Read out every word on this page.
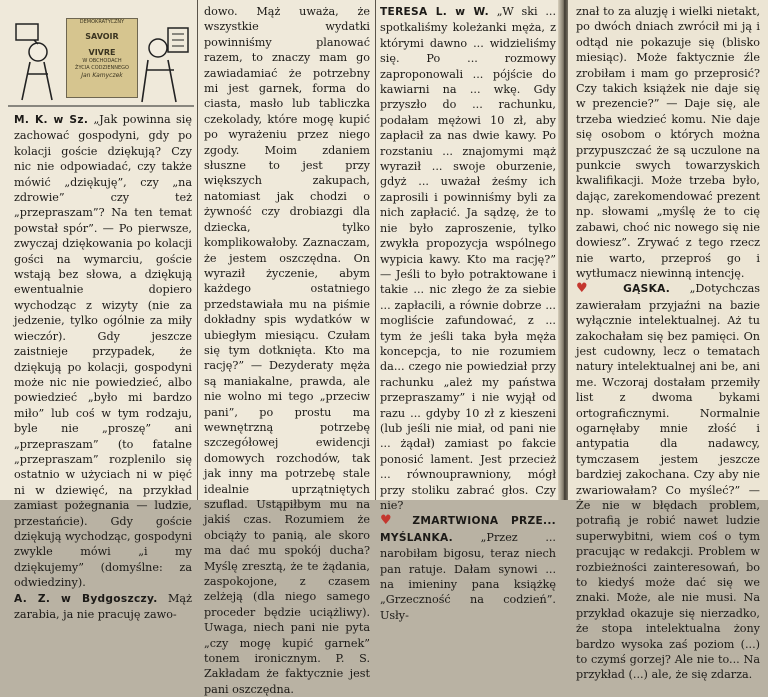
DEMOKRATYCZNY
SAVOIR
VIVRE
W OBCHODACH
ŻYCIA CODZIENNEGO
Jan Kamyczek

M. K. w Sz. „Jak powinna się zachować gospodyni, gdy po kolacji goście dziękują? Czy nic nie odpowiadać, czy także mówić „dziękuję”, czy „na zdrowie” czy też „przepraszam”? Na ten temat powstał spór”. — Po pierwsze, zwyczaj dziękowania po kolacji gości na wymarciu, goście wstają bez słowa, a dziękują ewentualnie dopiero wychodząc z wizyty (nie za jedzenie, tylko ogólnie za miły wieczór). Gdy jeszcze zaistnieje przypadek, że dziękują po kolacji, gospodyni może nic nie powiedzieć, albo powiedzieć „było mi bardzo miło” lub coś w tym rodzaju, byle nie „proszę” ani „przepraszam” (to fatalne „przepraszam” rozplenilo się ostatnio w użyciach ni w pięć ni w dziewięć, na przykład zamiast pożegnania — ludzie, przestańcie). Gdy goście dziękują wychodząc, gospodyni zwykle mówi „i my dziękujemy” (domyślne: za odwiedziny).

A. Z. w Bydgoszczy. Mąż zarabia, ja nie pracuję zawo-

dowo. Mąż uważa, że wszystkie wydatki powinniśmy planować razem, to znaczy mam go zawiadamiać że potrzebny mi jest garnek, forma do ciasta, masło lub tabliczka czekolady, które mogę kupić po wyrażeniu przez niego zgody. Moim zdaniem słuszne to jest przy większych zakupach, natomiast jak chodzi o żywność czy drobiazgi dla dziecka, tylko komplikowałoby. Zaznaczam, że jestem oszczędna. On wyraził życzenie, abym każdego ostatniego przedstawiała mu na piśmie dokładny spis wydatków w ubiegłym miesiącu. Czułam się tym dotknięta. Kto ma rację?” — Dezyderaty męża są maniakalne, prawda, ale nie wolno mi tego „przeciw pani”, po prostu ma wewnętrzną potrzebę szczegółowej ewidencji domowych rozchodów, tak jak inny ma potrzebę stale idealnie uprzątniętych szuflad. Ustąpiłbym mu na jakiś czas. Rozumiem że obciąży to panią, ale skoro ma dać mu spokój ducha? Myślę zresztą, że te żądania, zaspokojone, z czasem zelżeją (dla niego samego proceder będzie uciążliwy). Uwaga, niech pani nie pyta „czy mogę kupić garnek” tonem ironicznym. P. S. Zakładam że faktycznie jest pani oszczędna.

TERESA L. w W. „W ski ... spotkaliśmy koleżanki męża, z którymi dawno ... widzieliśmy się. Po ... rozmowy zaproponowali ... pójście do kawiarni na ... wkę. Gdy przyszło do ... rachunku, podałam mężowi 10 zł, aby zapłacił za nas dwie kawy. Po rozstaniu ... znajomymi mąż wyraził ... swoje oburzenie, gdyż ... uważał żeśmy ich zaprosili i powinniśmy byli za nich zapłacić. Ja sądzę, że to nie było zaproszenie, tylko zwykła propozycja wspólnego wypicia kawy. Kto ma rację?” — Jeśli to było potraktowane i takie ... nic złego że za siebie ... zapłacili, a równie dobrze ... mogliście zafundować, z ... tym że jeśli taka była męża koncepcja, to nie rozumiem da... czego nie powiedział przy rachunku „ależ my państwa przepraszamy” i nie wyjął od razu ... gdyby 10 zł z kieszeni (lub jeśli nie miał, od pani nie ... żądał) zamiast po fakcie ponosić lament. Jest przecież ... równouprawniony, mógł przy stoliku zabrać głos. Czy nie?

♥ ZMARTWIONA PRZE... MYŚLANKA. „Przez ... narobiłam bigosu, teraz niech pan ratuje. Dałam synowi ... na imieniny pana książkę „Grzeczność na codzień”. Usły-

znał to za aluzję i wielki nietakt, po dwóch dniach zwrócił mi ją i odtąd nie pokazuje się (blisko miesiąc). Może faktycznie źle zrobiłam i mam go przeprosić? Czy takich książek nie daje się w prezencie?” — Daje się, ale trzeba wiedzieć komu. Nie daje się osobom o których można przypuszczać że są uczulone na punkcie swych towarzyskich kwalifikacji. Może trzeba było, dając, zarekomendować prezent np. słowami „myślę że to cię zabawi, choć nic nowego się nie dowiesz”. Zrywać z tego rzecz nie warto, przeproś go i wytłumacz niewinną intencję.

♥ GĄSKA. „Dotychczas zawierałam przyjaźni na bazie wyłącznie intelektualnej. Aż tu zakochałam się bez pamięci. On jest cudowny, lecz o tematach natury intelektualnej ani be, ani me. Wczoraj dostałam przemiły list z dwoma bykami ortograficznymi. Normalnie ogarnęłaby mnie złość i antypatia dla nadawcy, tymczasem jestem jeszcze bardziej zakochana. Czy aby nie zwariowałam? Co myśleć?” — Że nie w błędach problem, potrafią je robić nawet ludzie superwybitni, wiem coś o tym pracując w redakcji. Problem w rozbieżności zainteresowań, bo to kiedyś może dać się we znaki. Może, ale nie musi. Na przykład okazuje się nierzadko, że stopa intelektualna żony bardzo wysoka zaś poziom (...) to czymś gorzej? Ale nie to... Na przykład (...) ale, że się zdarza.
